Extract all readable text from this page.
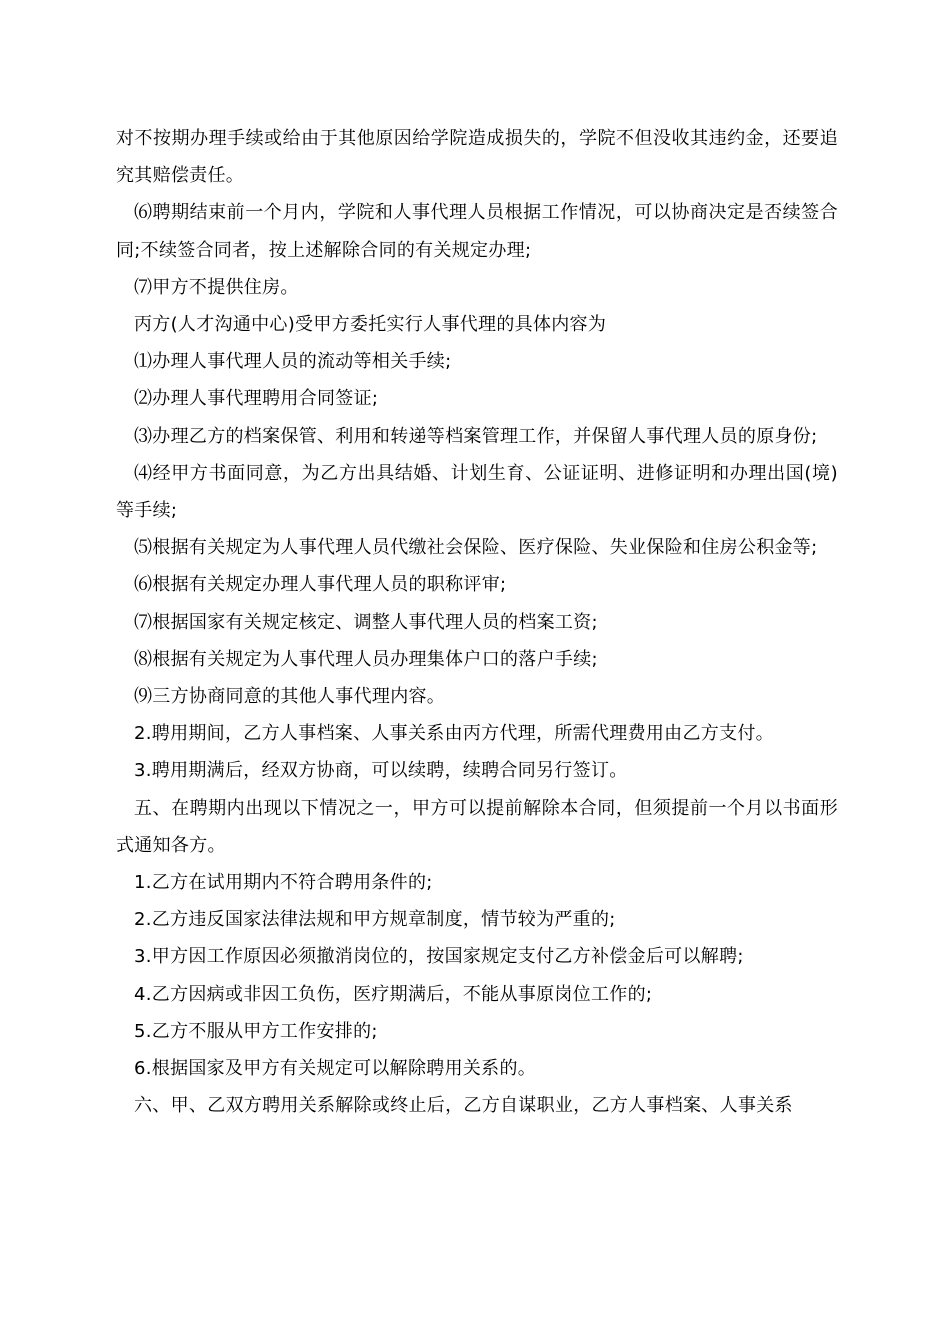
对不按期办理手续或给由于其他原因给学院造成损失的，学院不但没收其违约金，还要追究其赔偿责任。

⑹聘期结束前一个月内，学院和人事代理人员根据工作情况，可以协商决定是否续签合同;不续签合同者，按上述解除合同的有关规定办理;

⑺甲方不提供住房。

丙方(人才沟通中心)受甲方委托实行人事代理的具体内容为

⑴办理人事代理人员的流动等相关手续;

⑵办理人事代理聘用合同签证;

⑶办理乙方的档案保管、利用和转递等档案管理工作，并保留人事代理人员的原身份;

⑷经甲方书面同意，为乙方出具结婚、计划生育、公证证明、进修证明和办理出国(境)等手续;

⑸根据有关规定为人事代理人员代缴社会保险、医疗保险、失业保险和住房公积金等;

⑹根据有关规定办理人事代理人员的职称评审;

⑺根据国家有关规定核定、调整人事代理人员的档案工资;

⑻根据有关规定为人事代理人员办理集体户口的落户手续;

⑼三方协商同意的其他人事代理内容。

2.聘用期间，乙方人事档案、人事关系由丙方代理，所需代理费用由乙方支付。

3.聘用期满后，经双方协商，可以续聘，续聘合同另行签订。

五、在聘期内出现以下情况之一，甲方可以提前解除本合同，但须提前一个月以书面形式通知各方。

1.乙方在试用期内不符合聘用条件的;

2.乙方违反国家法律法规和甲方规章制度，情节较为严重的;

3.甲方因工作原因必须撤消岗位的，按国家规定支付乙方补偿金后可以解聘;

4.乙方因病或非因工负伤，医疗期满后，不能从事原岗位工作的;

5.乙方不服从甲方工作安排的;

6.根据国家及甲方有关规定可以解除聘用关系的。

六、甲、乙双方聘用关系解除或终止后，乙方自谋职业，乙方人事档案、人事关系
